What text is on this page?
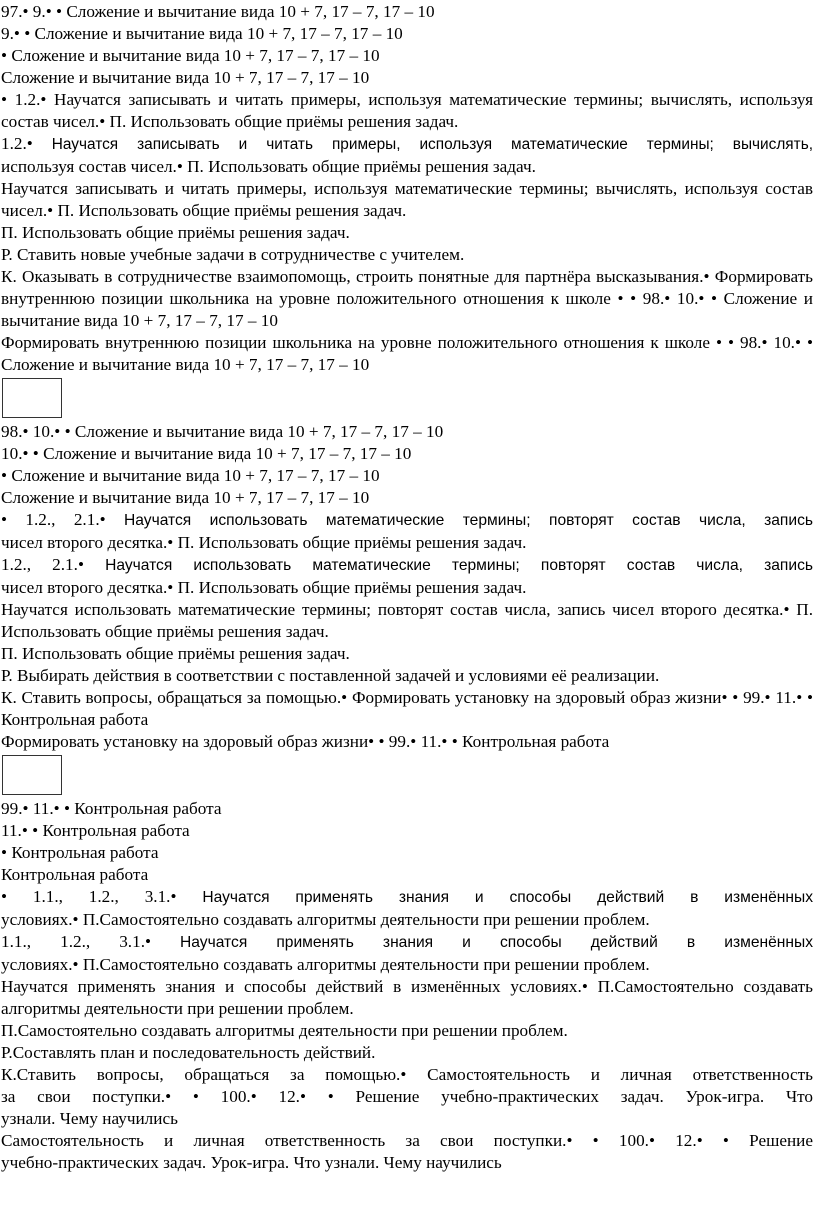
97.• 9.• • Сложение и вычитание вида 10 + 7, 17 – 7, 17 – 10

9.• • Сложение и вычитание вида 10 + 7, 17 – 7, 17 – 10

• Сложение и вычитание вида 10 + 7, 17 – 7, 17 – 10

Сложение и вычитание вида 10 + 7, 17 – 7, 17 – 10

• 1.2.• Научатся записывать и читать примеры, используя математические термины; вычислять, используя состав чисел.• П. Использовать общие приёмы решения задач.

1.2.• Научатся записывать и читать примеры, используя математические термины; вычислять,

используя состав чисел.• П. Использовать общие приёмы решения задач.

Научатся записывать и читать примеры, используя математические термины; вычислять, используя состав чисел.• П. Использовать общие приёмы решения задач.

П. Использовать общие приёмы решения задач.

Р. Ставить новые учебные задачи в сотрудничестве с учителем.

К. Оказывать в сотрудничестве взаимопомощь, строить понятные для партнёра высказывания.• Формировать внутреннюю позиции школьника на уровне положительного отношения к школе • • 98.• 10.• • Сложение и вычитание вида 10 + 7, 17 – 7, 17 – 10

Формировать внутреннюю позиции школьника на уровне положительного отношения к школе • • 98.• 10.• • Сложение и вычитание вида 10 + 7, 17 – 7, 17 – 10

98.• 10.• • Сложение и вычитание вида 10 + 7, 17 – 7, 17 – 10

10.• • Сложение и вычитание вида 10 + 7, 17 – 7, 17 – 10

• Сложение и вычитание вида 10 + 7, 17 – 7, 17 – 10

Сложение и вычитание вида 10 + 7, 17 – 7, 17 – 10

• 1.2., 2.1.• Научатся использовать математические термины; повторят состав числа, запись

чисел второго десятка.• П. Использовать общие приёмы решения задач.

1.2., 2.1.• Научатся использовать математические термины; повторят состав числа, запись

чисел второго десятка.• П. Использовать общие приёмы решения задач.

Научатся использовать математические термины; повторят состав числа, запись чисел второго десятка.• П. Использовать общие приёмы решения задач.

П. Использовать общие приёмы решения задач.

Р. Выбирать действия в соответствии с поставленной задачей и условиями её реализации.

К. Ставить вопросы, обращаться за помощью.• Формировать установку на здоровый образ жизни• • 99.• 11.• • Контрольная работа

Формировать установку на здоровый образ жизни• • 99.• 11.• • Контрольная работа

99.• 11.• • Контрольная работа

11.• • Контрольная работа

• Контрольная работа

Контрольная работа

• 1.1., 1.2., 3.1.• Научатся применять знания и способы действий в изменённых

условиях.• П.Самостоятельно создавать алгоритмы деятельности при решении проблем.

1.1., 1.2., 3.1.• Научатся применять знания и способы действий в изменённых

условиях.• П.Самостоятельно создавать алгоритмы деятельности при решении проблем.

Научатся применять знания и способы действий в изменённых условиях.• П.Самостоятельно создавать алгоритмы деятельности при решении проблем.

П.Самостоятельно создавать алгоритмы деятельности при решении проблем.

Р.Составлять план и последовательность действий.

К.Ставить вопросы, обращаться за помощью.• Самостоятельность и личная ответственность

за свои поступки.• • 100.• 12.• • Решение учебно-практических задач. Урок-игра. Что

узнали. Чему научились

Самостоятельность и личная ответственность за свои поступки.• • 100.• 12.• • Решение

учебно-практических задач. Урок-игра. Что узнали. Чему научились
